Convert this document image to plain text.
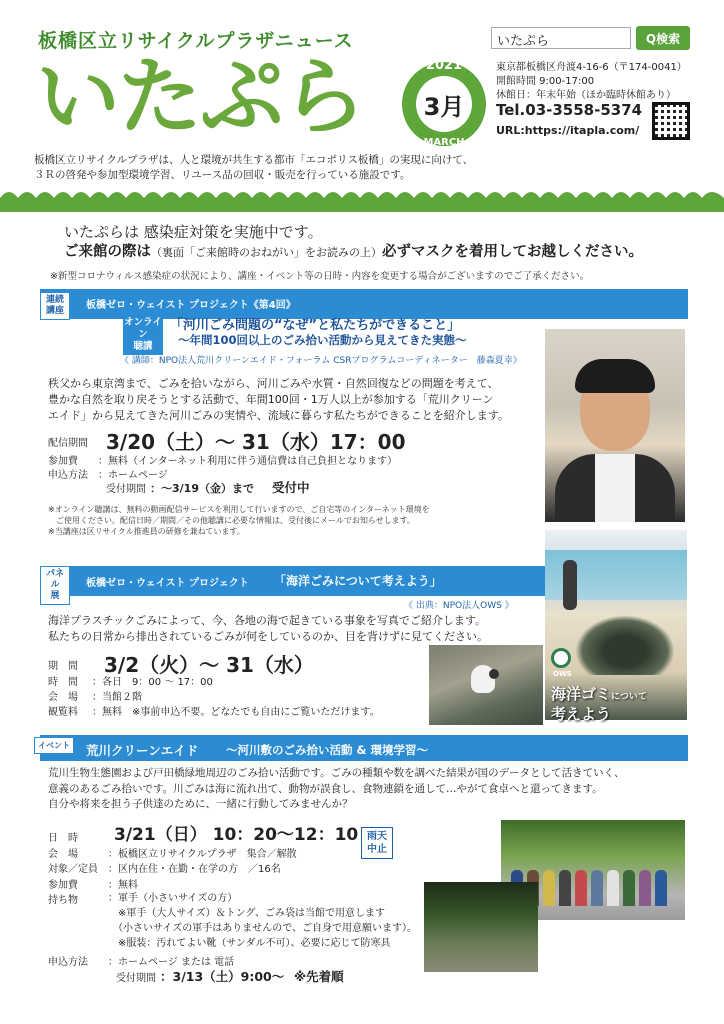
板橋区立リサイクルプラザニュース
いたぷら	2021
3月
MARCH
いたぷら	Q検索
東京都板橋区舟渡4-16-6（〒174-0041）
開館時間 9:00-17:00
休館日：年末年始（ほか臨時休館あり）
Tel.03-3558-5374
URL:https://itapla.com/
板橋区立リサイクルプラザは、人と環境が共生する都市「エコポリス板橋」の実現に向けて、
３Ｒの啓発や参加型環境学習、リユース品の回収・販売を行っている施設です。
いたぷらは 感染症対策を実施中です。
ご来館の際は（裏面「ご来館時のおねがい」をお読みの上）必ずマスクを着用してお越しください。
※新型コロナウィルス感染症の状況により、講座・イベント等の日時・内容を変更する場合がございますのでご了承ください。
連続
講座	板橋ゼロ・ウェイスト プロジェクト《第4回》
オンライン
聴講
「河川ごみ問題の“なぜ”と私たちができること」
～年間100回以上のごみ拾い活動から見えてきた実態～
《 講師：NPO法人荒川クリーンエイド・フォーラム CSRプログラムコーディネーター　藤森夏幸》
秩父から東京湾まで、ごみを拾いながら、河川ごみや水質・自然回復などの問題を考えて、
豊かな自然を取り戻そうとする活動で、年間100回・1万人以上が参加する「荒川クリーン
エイド」から見えてきた河川ごみの実情や、流域に暮らす私たちができることを紹介します。
配信期間 3/20（土）～ 31（水）17：00
参加費 ：無料（インターネット利用に伴う通信費は自己負担となります）
申込方法 ：ホームページ
受付期間 ：～3/19（金）まで 受付中
※オンライン聴講は、無料の動画配信サービスを利用して行いますので、ご自宅等のインターネット環境を
　ご使用ください。配信日時／期間／その他聴講に必要な情報は、受付後にメールでお知らせします。
※当講座は区リサイクル推進員の研修を兼ねています。
パネル
展
板橋ゼロ・ウェイスト プロジェクト 「海洋ごみについて考えよう」
《 出典：NPO法人OWS 》
OWS
海洋ゴミについて
考えよう
海洋プラスチックごみによって、今、各地の海で起きている事象を写真でご紹介します。
私たちの日常から排出されているごみが何をしているのか、目を背けずに見てください。
期　間 3/2（火）～ 31（水）
時　間 ：各日　9：00 ～ 17：00
会　場 ：当館２階
観覧料 ：無料　※事前申込不要。どなたでも自由にご覧いただけます。
イベント	荒川クリーンエイド ～河川敷のごみ拾い活動 & 環境学習～
荒川生物生態園および戸田橋緑地周辺のごみ拾い活動です。ごみの種類や数を調べた結果が国のデータとして活きていく、
意義のあるごみ拾いです。川ごみは海に流れ出て、動物が誤食し、食物連鎖を通して…やがて食卓へと還ってきます。
自分や将来を担う子供達のために、一緒に行動してみませんか？
日　時 3/21（日） 10：20～12：10 雨天
中止
会　場	：板橋区立リサイクルプラザ　集合／解散
対象／定員 ：区内在住・在勤・在学の方　／16名
参加費	：無料
持ち物	：軍手（小さいサイズの方）
　※軍手（大人サイズ）＆トング、ごみ袋は当館で用意します
　（小さいサイズの軍手はありませんので、ご自身で用意願います）。
　※服装：汚れてよい靴（サンダル不可）、必要に応じて防寒具
申込方法 ：ホームページ または 電話
受付期間 ：3/13（土）9:00～ ※先着順
